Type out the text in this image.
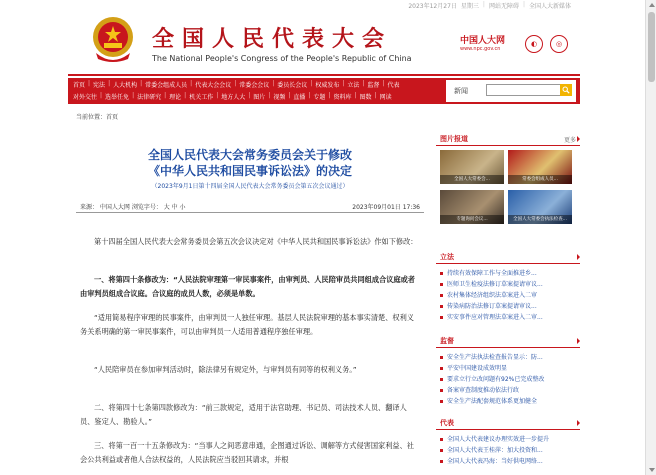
2023年12月27日 星期三 | 网站无障碍 | 全国人大新媒体
全国人民代表大会
The National People's Congress of the People's Republic of China
中国人大网
www.npc.gov.cn
◐	◎
首页 | 宪法 | 人大机构 | 常委会组成人员 | 代表大会会议 | 常委会会议 | 委员长会议 | 权威发布 | 立法 | 监督 | 代表
对外交往 | 选举任免 | 法律研究 | 理论 | 机关工作 | 地方人大 | 图片 | 视频 | 直播 | 专题 | 资料库 | 图数 | 网读
新闻
当前位置：首页
全国人民代表大会常务委员会关于修改
《中华人民共和国民事诉讼法》的决定
（2023年9月1日第十四届全国人民代表大会常务委员会第五次会议通过）
来源： 中国人大网 浏览字号： 大 中 小	2023年09月01日 17:36

第十四届全国人民代表大会常务委员会第五次会议决定对《中华人民共和国民事诉讼法》作如下修改：

一、将第四十条修改为：“人民法院审理第一审民事案件，由审判员、人民陪审员共同组成合议庭或者由审判员组成合议庭。合议庭的成员人数，必须是单数。

“适用简易程序审理的民事案件，由审判员一人独任审理。基层人民法院审理的基本事实清楚、权利义务关系明确的第一审民事案件，可以由审判员一人适用普通程序独任审理。

“人民陪审员在参加审判活动时，除法律另有规定外，与审判员有同等的权利义务。”

二、将第四十七条第四款修改为：“前三款规定，适用于法官助理、书记员、司法技术人员、翻译人员、鉴定人、勘验人。”

三、将第一百一十五条修改为：“当事人之间恶意串通，企图通过诉讼、调解等方式侵害国家利益、社会公共利益或者他人合法权益的，人民法院应当驳回其请求，并根

图片报道	更多
全国人大常委会...	常委会组成人员...
专题询问会议...	全国人大常委会执法检查...
立法
持续有效保障工作与全面推进乡...
医师卫生检疫法修订草案提请审议...
农村集体经济组织法草案进入二审
传染病防治法修订草案提请审议...
实安事件应对管理法草案进入二审...
监督
安全生产法执法检查报告显示：防...
平安中国建设成效明显
要求立行立改问题有92%已完成整改
备案审查制度推动依法行政
安全生产法配套规范体系更加健全
代表
全国人大代表建议办理实效进一步提升
全国人大代表王桂萍：加大投资和...
全国人大代表冯海：当好供电网络...
